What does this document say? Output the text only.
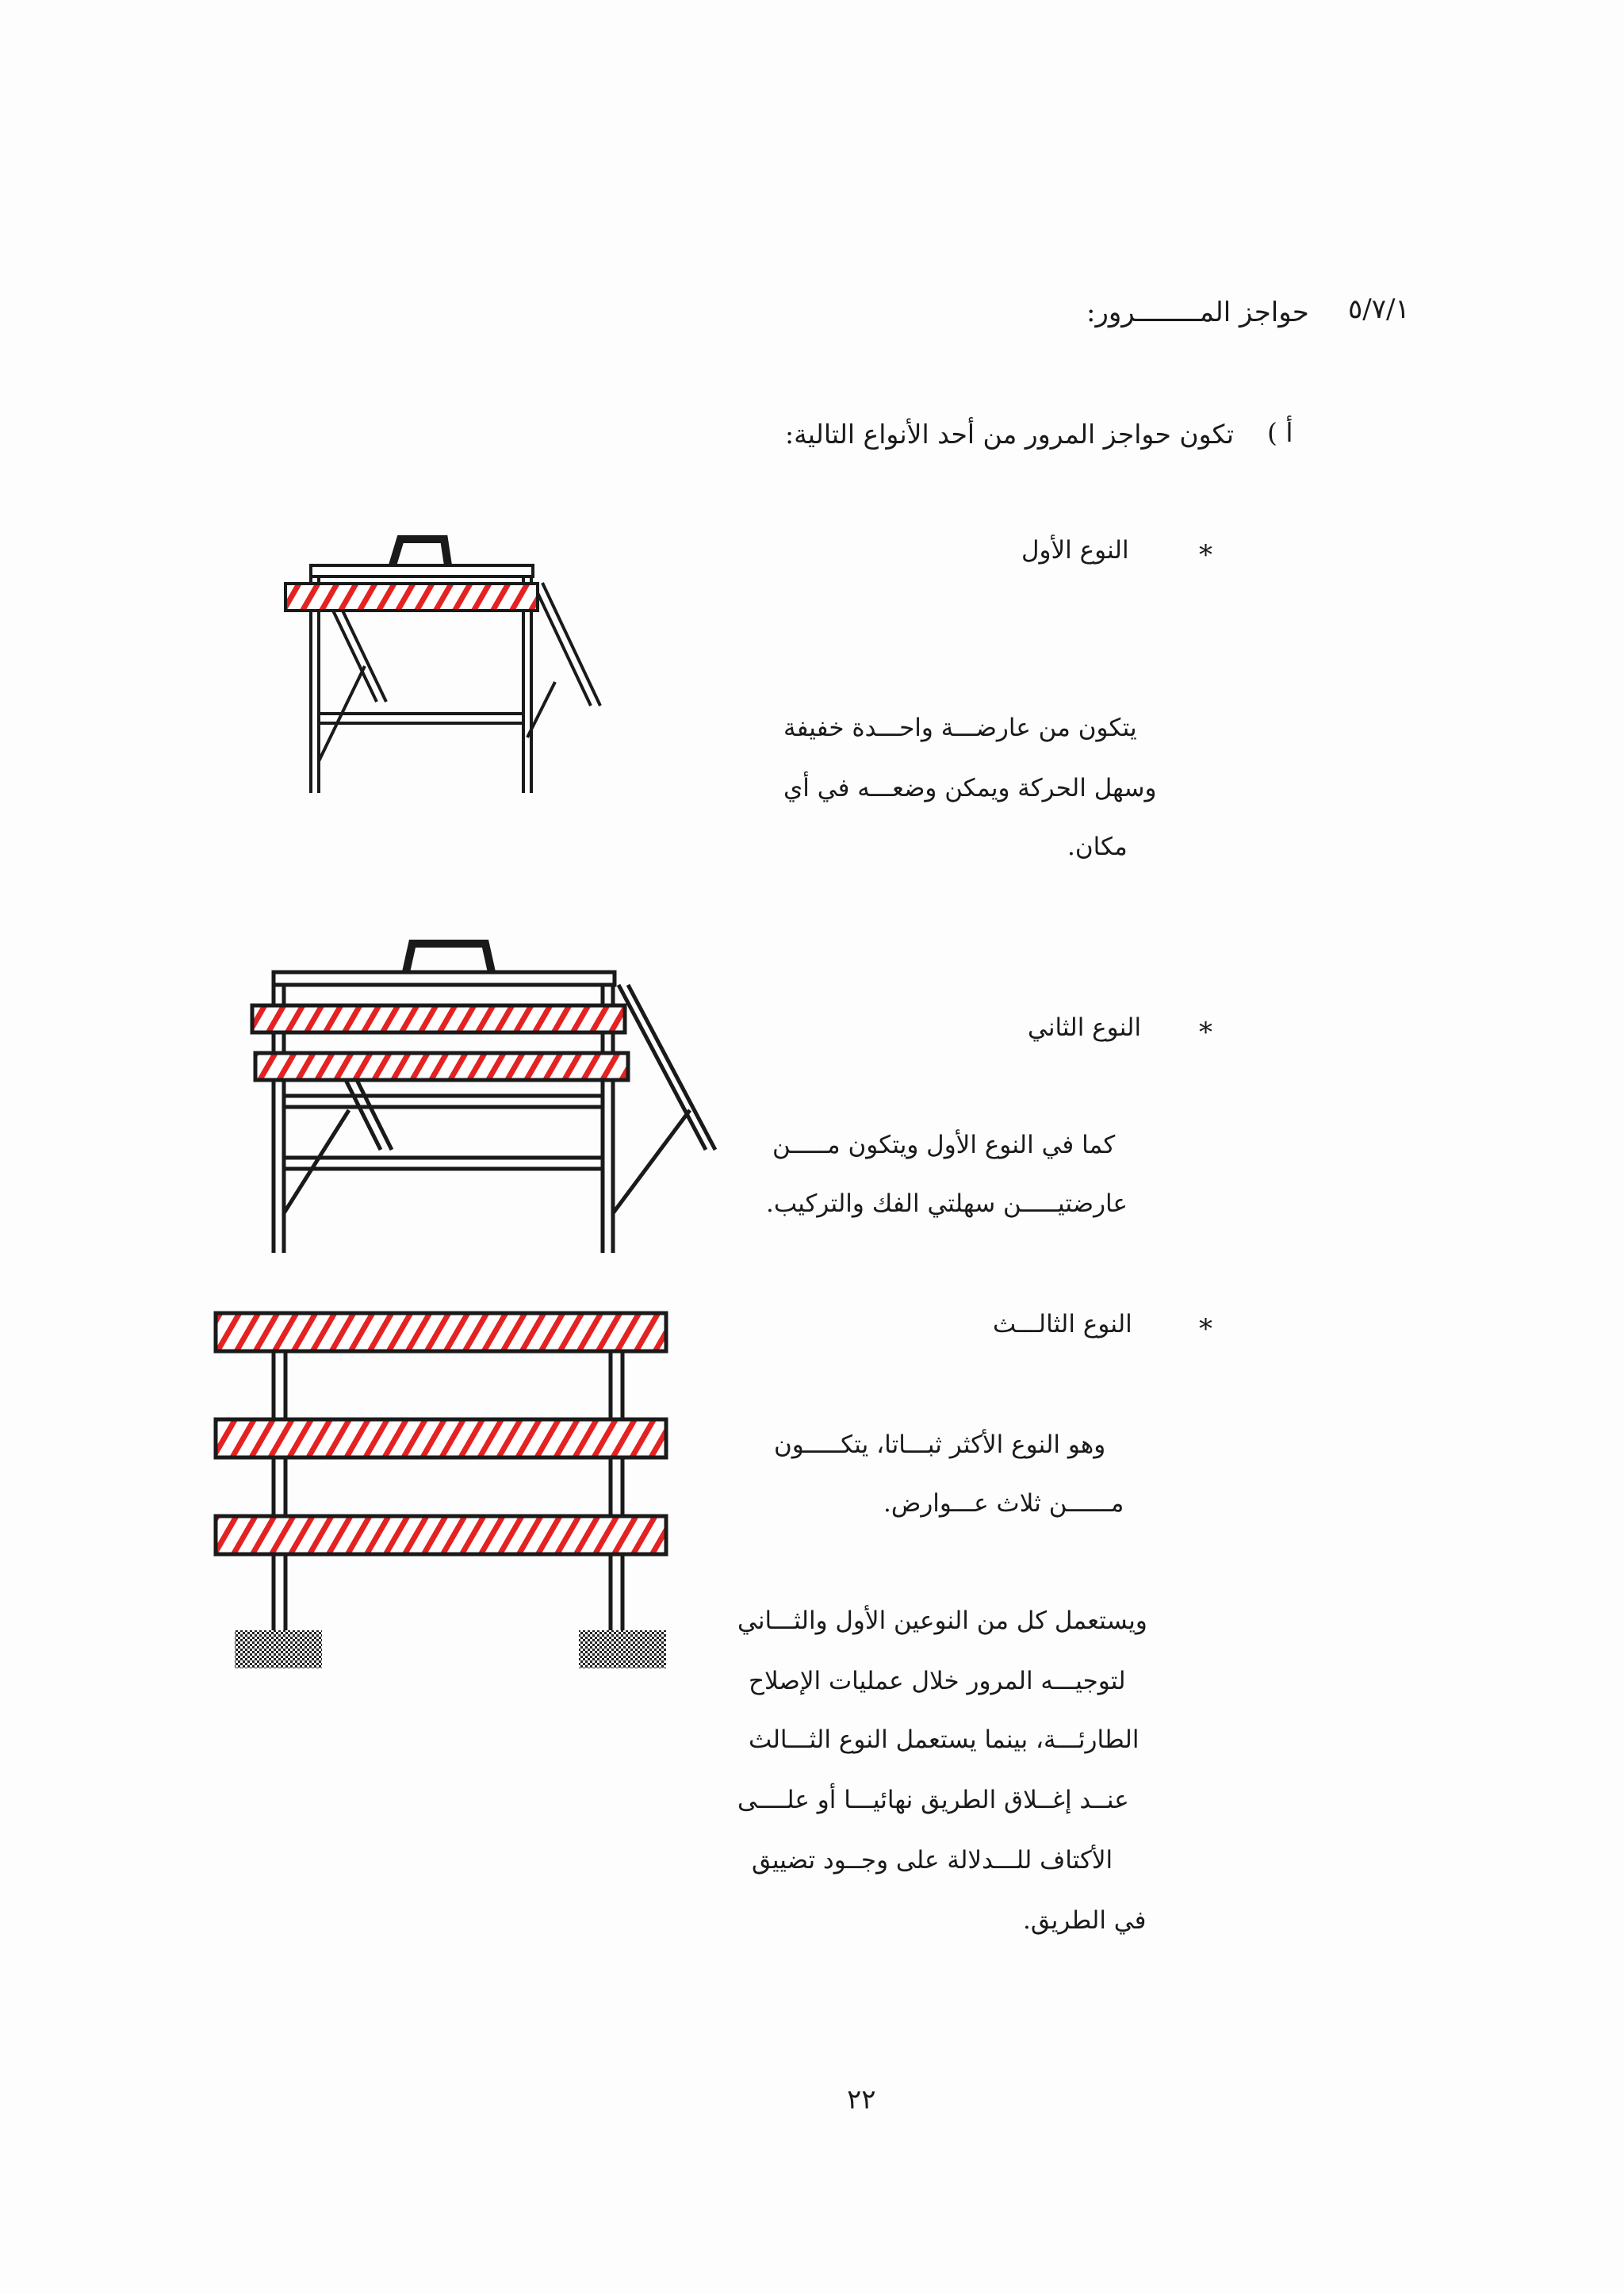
٥/٧/١
حواجز المــــــــرور:
أ )
تكون حواجز المرور من أحد الأنواع التالية:
*
النوع الأول
يتكون من عارضـــة واحـــدة خفيفة
وسهل الحركة ويمكن وضعـــه في أي
مكان.
*
النوع الثاني
كما في النوع الأول ويتكون مـــــن
عارضتيـــــن سهلتي الفك والتركيب.
*
النوع الثالـــث
وهو النوع الأكثر ثبـــاتا، يتكـــــون
مــــــن ثلاث عـــوارض.
ويستعمل كل من النوعين الأول والثـــاني
لتوجيـــه المرور خلال عمليات الإصلاح
الطارئـــة، بينما يستعمل النوع الثـــالث
عنــد إغــلاق الطريق نهائيـــا أو علــــى
الأكتاف للـــدلالة على وجــود تضييق
في الطريق.
٢٢
